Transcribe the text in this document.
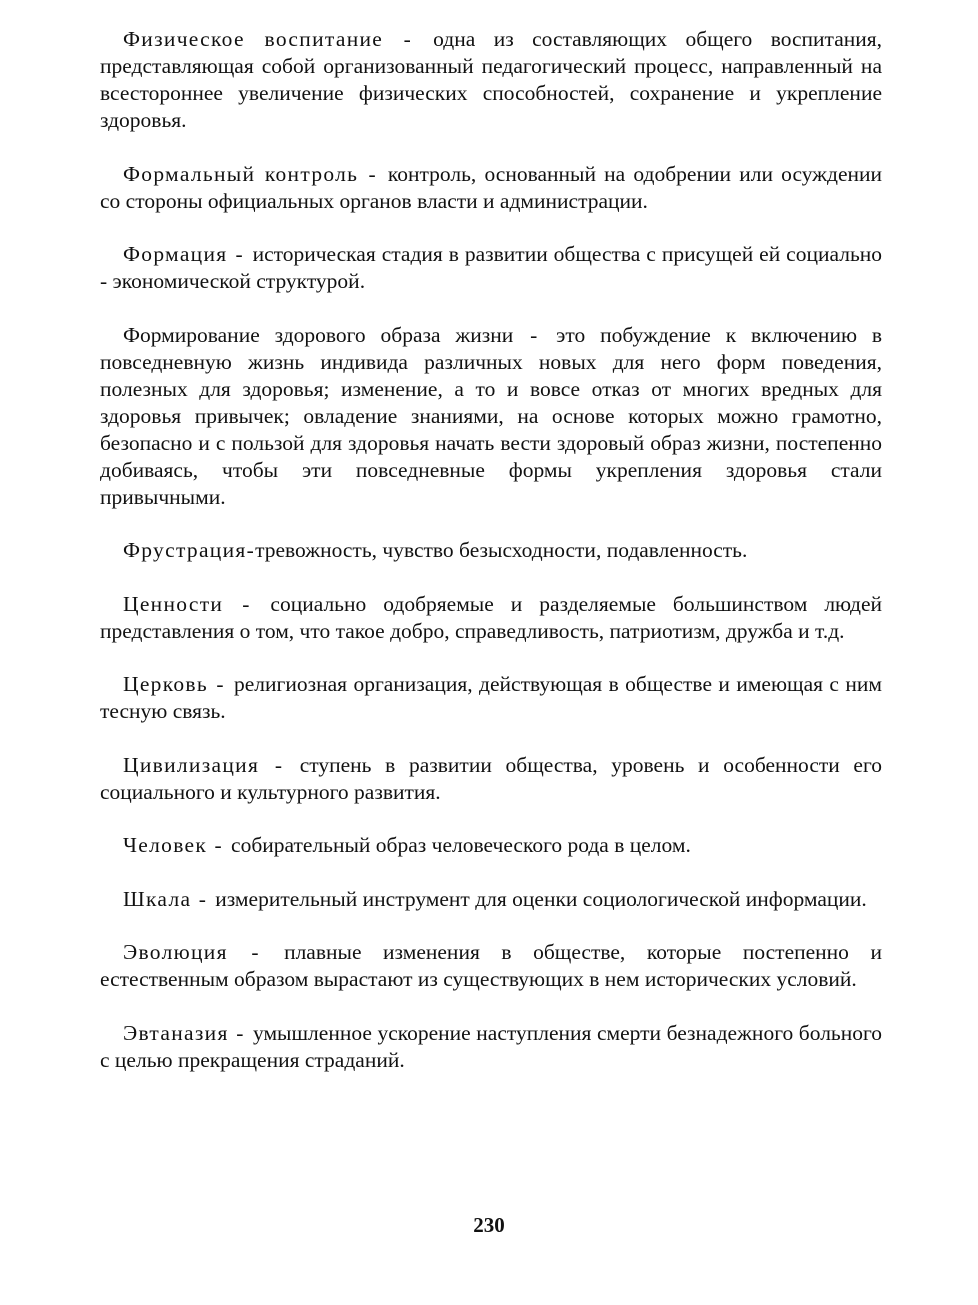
Физическое воспитание - одна из составляющих общего воспитания, представляющая собой организованный педагогический процесс, направленный на всестороннее увеличение физических способностей, сохранение и укрепление здоровья.

Формальный контроль - контроль, основанный на одобрении или осуждении со стороны официальных органов власти и администрации.

Формация - историческая стадия в развитии общества с присущей ей социально - экономической структурой.

Формирование здорового образа жизни - это побуждение к включению в повседневную жизнь индивида различных новых для него форм поведения, полезных для здоровья; изменение, а то и вовсе отказ от многих вредных для здоровья привычек; овладение знаниями, на основе которых можно грамотно, безопасно и с пользой для здоровья начать вести здоровый образ жизни, постепенно добиваясь, чтобы эти повседневные формы укрепления здоровья стали привычными.

Фрустрация-тревожность, чувство безысходности, подавленность.

Ценности - социально одобряемые и разделяемые большинством людей представления о том, что такое добро, справедливость, патриотизм, дружба и т.д.

Церковь - религиозная организация, действующая в обществе и имеющая с ним тесную связь.

Цивилизация - ступень в развитии общества, уровень и особенности его социального и культурного развития.

Человек - собирательный образ человеческого рода в целом.

Шкала - измерительный инструмент для оценки социологической информации.

Эволюция - плавные изменения в обществе, которые постепенно и естественным образом вырастают из существующих в нем исторических условий.

Эвтаназия - умышленное ускорение наступления смерти безнадежного больного с целью прекращения страданий.

230
